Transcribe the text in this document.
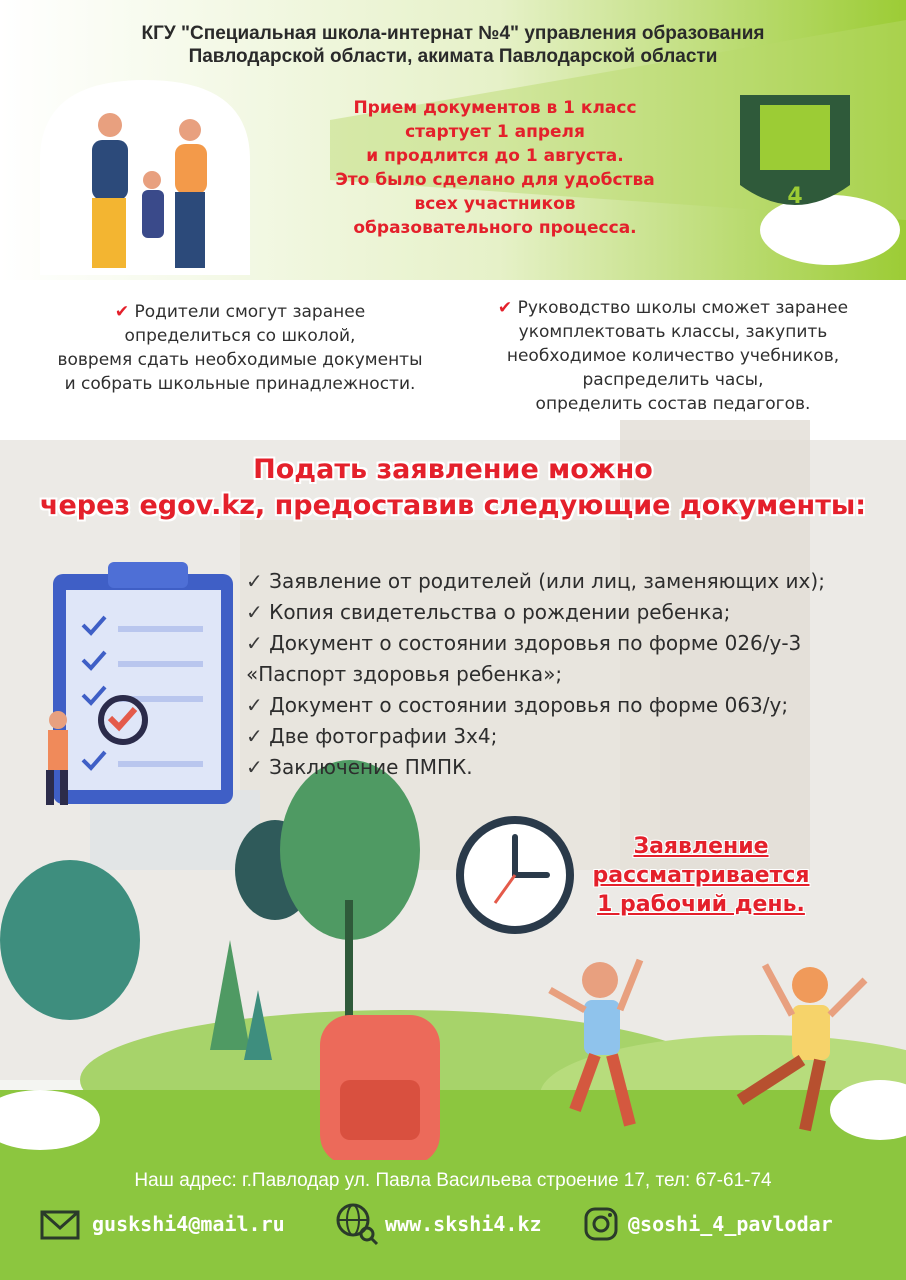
4
КГУ "Специальная школа-интернат №4" управления образования
Павлодарской области, акимата Павлодарской области
Прием документов в 1 класс
стартует 1 апреля
и продлится до 1 августа.
Это было сделано для удобства
всех участников
образовательного процесса.
✔ Родители смогут заранее
определиться со школой,
вовремя сдать необходимые документы
и собрать школьные принадлежности.
✔ Руководство школы сможет заранее
укомплектовать классы, закупить
необходимое количество учебников,
распределить часы,
определить состав педагогов.
Подать заявление можно
через egov.kz, предоставив следующие документы:
✓ Заявление от родителей (или лиц, заменяющих их);
✓ Копия свидетельства о рождении ребенка;
✓ Документ о состоянии здоровья по форме 026/у-3
«Паспорт здоровья ребенка»;
✓ Документ о состоянии здоровья по форме 063/у;
✓ Две фотографии 3х4;
✓ Заключение ПМПК.
Заявление
рассматривается
1 рабочий день.
Наш адрес: г.Павлодар ул. Павла Васильева строение 17, тел: 67-61-74
guskshi4@mail.ru	www.skshi4.kz	@soshi_4_pavlodar
